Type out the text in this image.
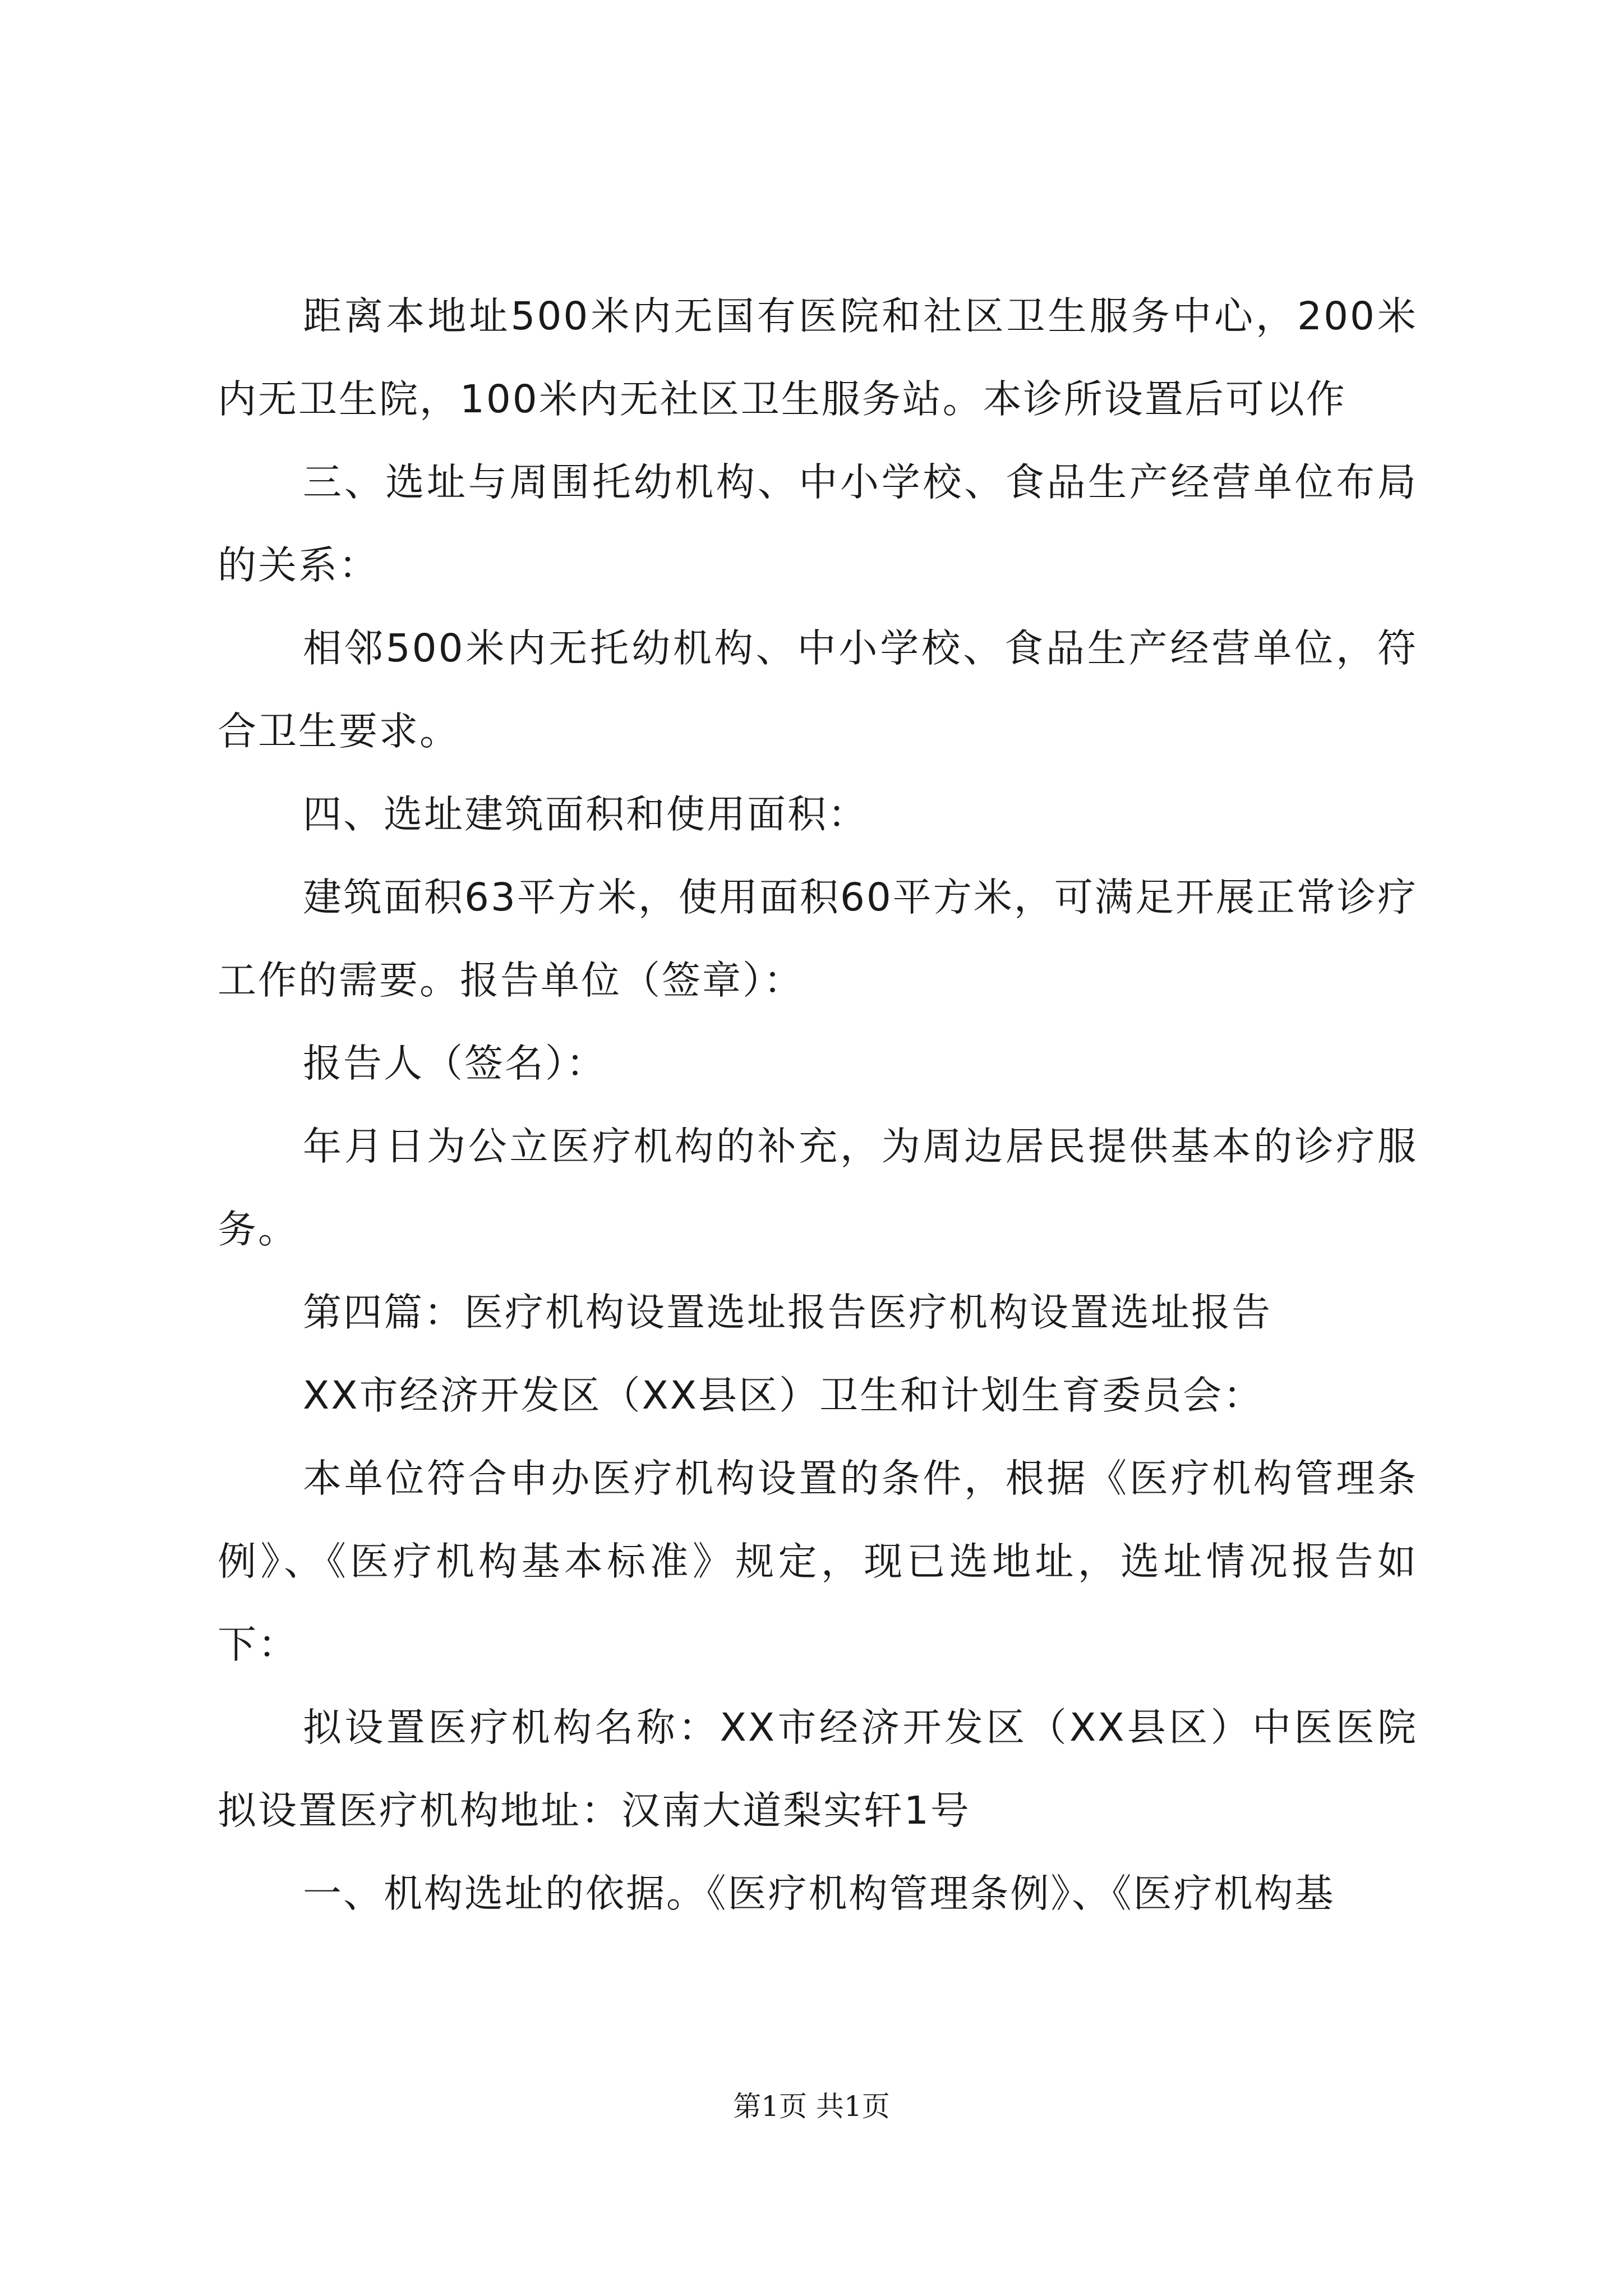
距离本地址500米内无国有医院和社区卫生服务中心，200米内无卫生院，100米内无社区卫生服务站。本诊所设置后可以作

三、选址与周围托幼机构、中小学校、食品生产经营单位布局的关系：

相邻500米内无托幼机构、中小学校、食品生产经营单位，符合卫生要求。

四、选址建筑面积和使用面积：

建筑面积63平方米，使用面积60平方米，可满足开展正常诊疗工作的需要。报告单位（签章）：

报告人（签名）：

年月日为公立医疗机构的补充，为周边居民提供基本的诊疗服务。

第四篇：医疗机构设置选址报告医疗机构设置选址报告

XX市经济开发区（XX县区）卫生和计划生育委员会：

本单位符合申办医疗机构设置的条件，根据《医疗机构管理条例》、《医疗机构基本标准》规定，现已选地址，选址情况报告如下：

拟设置医疗机构名称：XX市经济开发区（XX县区）中医医院拟设置医疗机构地址：汉南大道梨实轩1号

一、机构选址的依据。《医疗机构管理条例》、《医疗机构基

第1页 共1页
